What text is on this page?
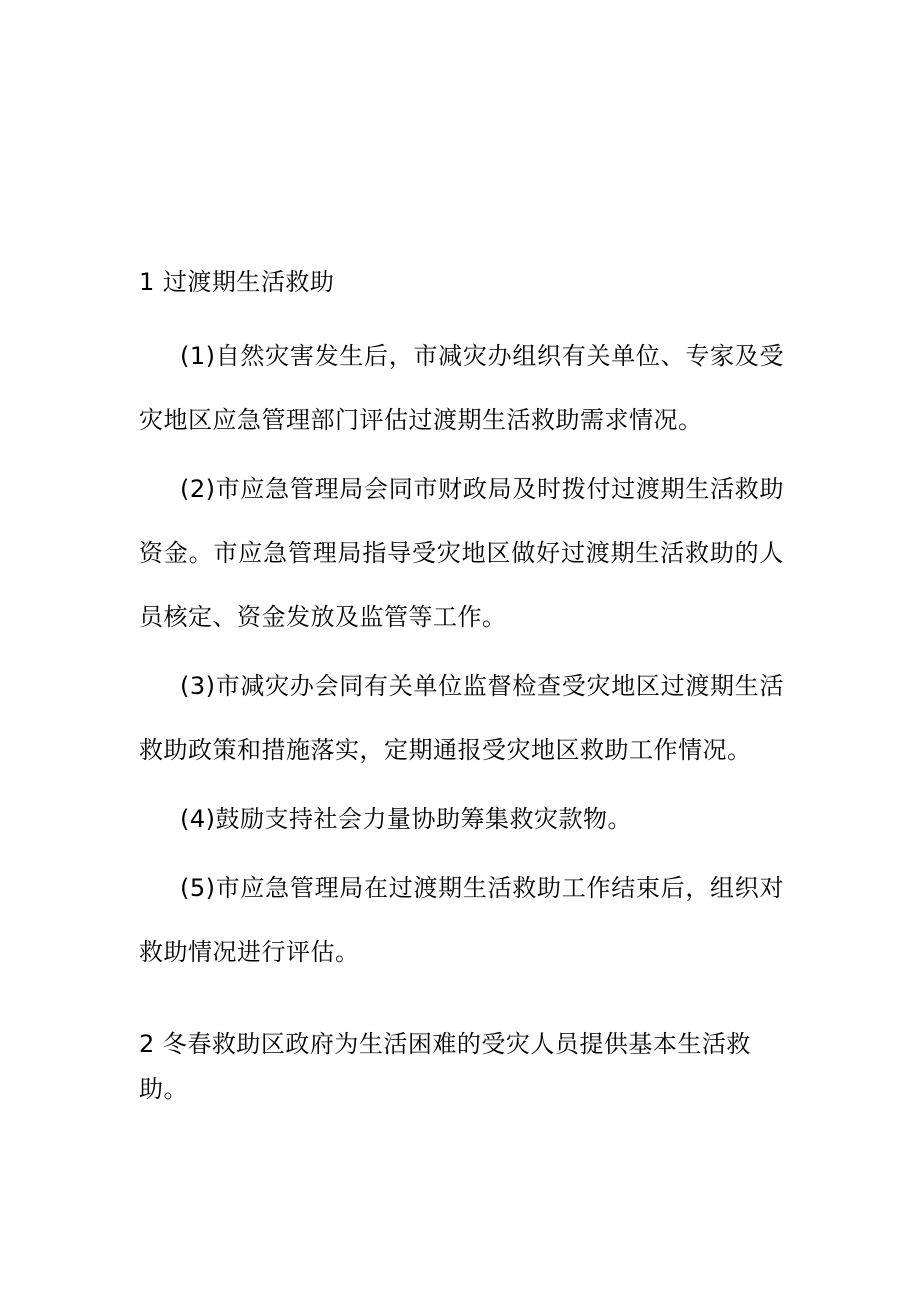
1 过渡期生活救助

(1)自然灾害发生后，市减灾办组织有关单位、专家及受灾地区应急管理部门评估过渡期生活救助需求情况。

(2)市应急管理局会同市财政局及时拨付过渡期生活救助资金。市应急管理局指导受灾地区做好过渡期生活救助的人员核定、资金发放及监管等工作。

(3)市减灾办会同有关单位监督检查受灾地区过渡期生活救助政策和措施落实，定期通报受灾地区救助工作情况。

(4)鼓励支持社会力量协助筹集救灾款物。

(5)市应急管理局在过渡期生活救助工作结束后，组织对救助情况进行评估。

2 冬春救助区政府为生活困难的受灾人员提供基本生活救助。
